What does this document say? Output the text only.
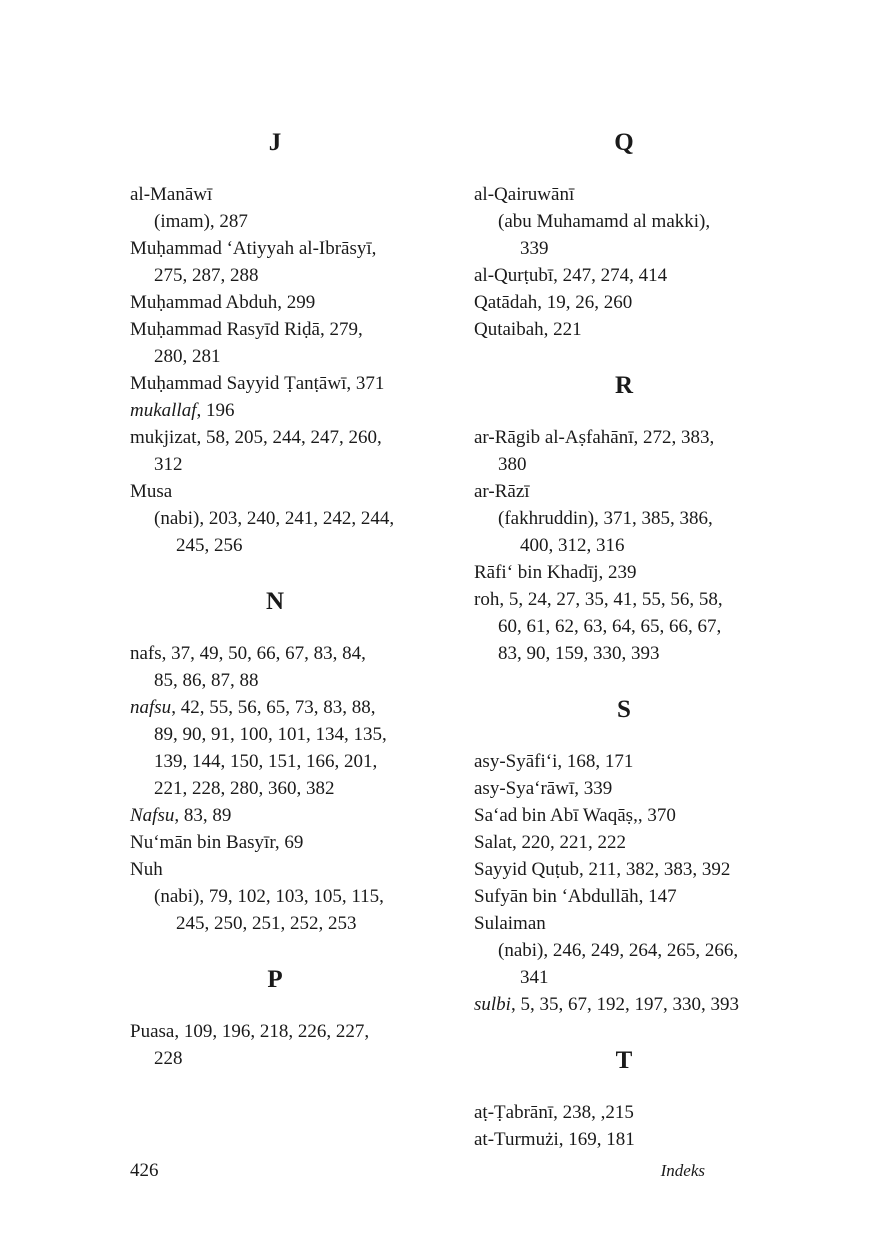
J
al-Manāwī
(imam), 287
Muḥammad ‘Atiyyah al-Ibrāsyī,
275, 287, 288
Muḥammad Abduh, 299
Muḥammad Rasyīd Riḍā, 279,
280, 281
Muḥammad Sayyid Ṭanṭāwī, 371
mukallaf, 196
mukjizat, 58, 205, 244, 247, 260,
312
Musa
(nabi), 203, 240, 241, 242, 244,
245, 256
N
nafs, 37, 49, 50, 66, 67, 83, 84,
85, 86, 87, 88
nafsu, 42, 55, 56, 65, 73, 83, 88,
89, 90, 91, 100, 101, 134, 135,
139, 144, 150, 151, 166, 201,
221, 228, 280, 360, 382
Nafsu, 83, 89
Nu‘mān bin Basyīr, 69
Nuh
(nabi), 79, 102, 103, 105, 115,
245, 250, 251, 252, 253
P
Puasa, 109, 196, 218, 226, 227,
228
Q
al-Qairuwānī
(abu Muhamamd al makki),
339
al-Qurṭubī, 247, 274, 414
Qatādah, 19, 26, 260
Qutaibah, 221
R
ar-Rāgib al-Aṣfahānī, 272, 383,
380
ar-Rāzī
(fakhruddin), 371, 385, 386,
400, 312, 316
Rāfi‘ bin Khadīj, 239
roh, 5, 24, 27, 35, 41, 55, 56, 58,
60, 61, 62, 63, 64, 65, 66, 67,
83, 90, 159, 330, 393
S
asy-Syāfi‘i, 168, 171
asy-Sya‘rāwī, 339
Sa‘ad bin Abī Waqāṣ,, 370
Salat, 220, 221, 222
Sayyid Quṭub, 211, 382, 383, 392
Sufyān bin ‘Abdullāh, 147
Sulaiman
(nabi), 246, 249, 264, 265, 266,
341
sulbi, 5, 35, 67, 192, 197, 330, 393
T
aṭ-Ṭabrānī, 238, ,215
at-Turmużi, 169, 181
426	Indeks
